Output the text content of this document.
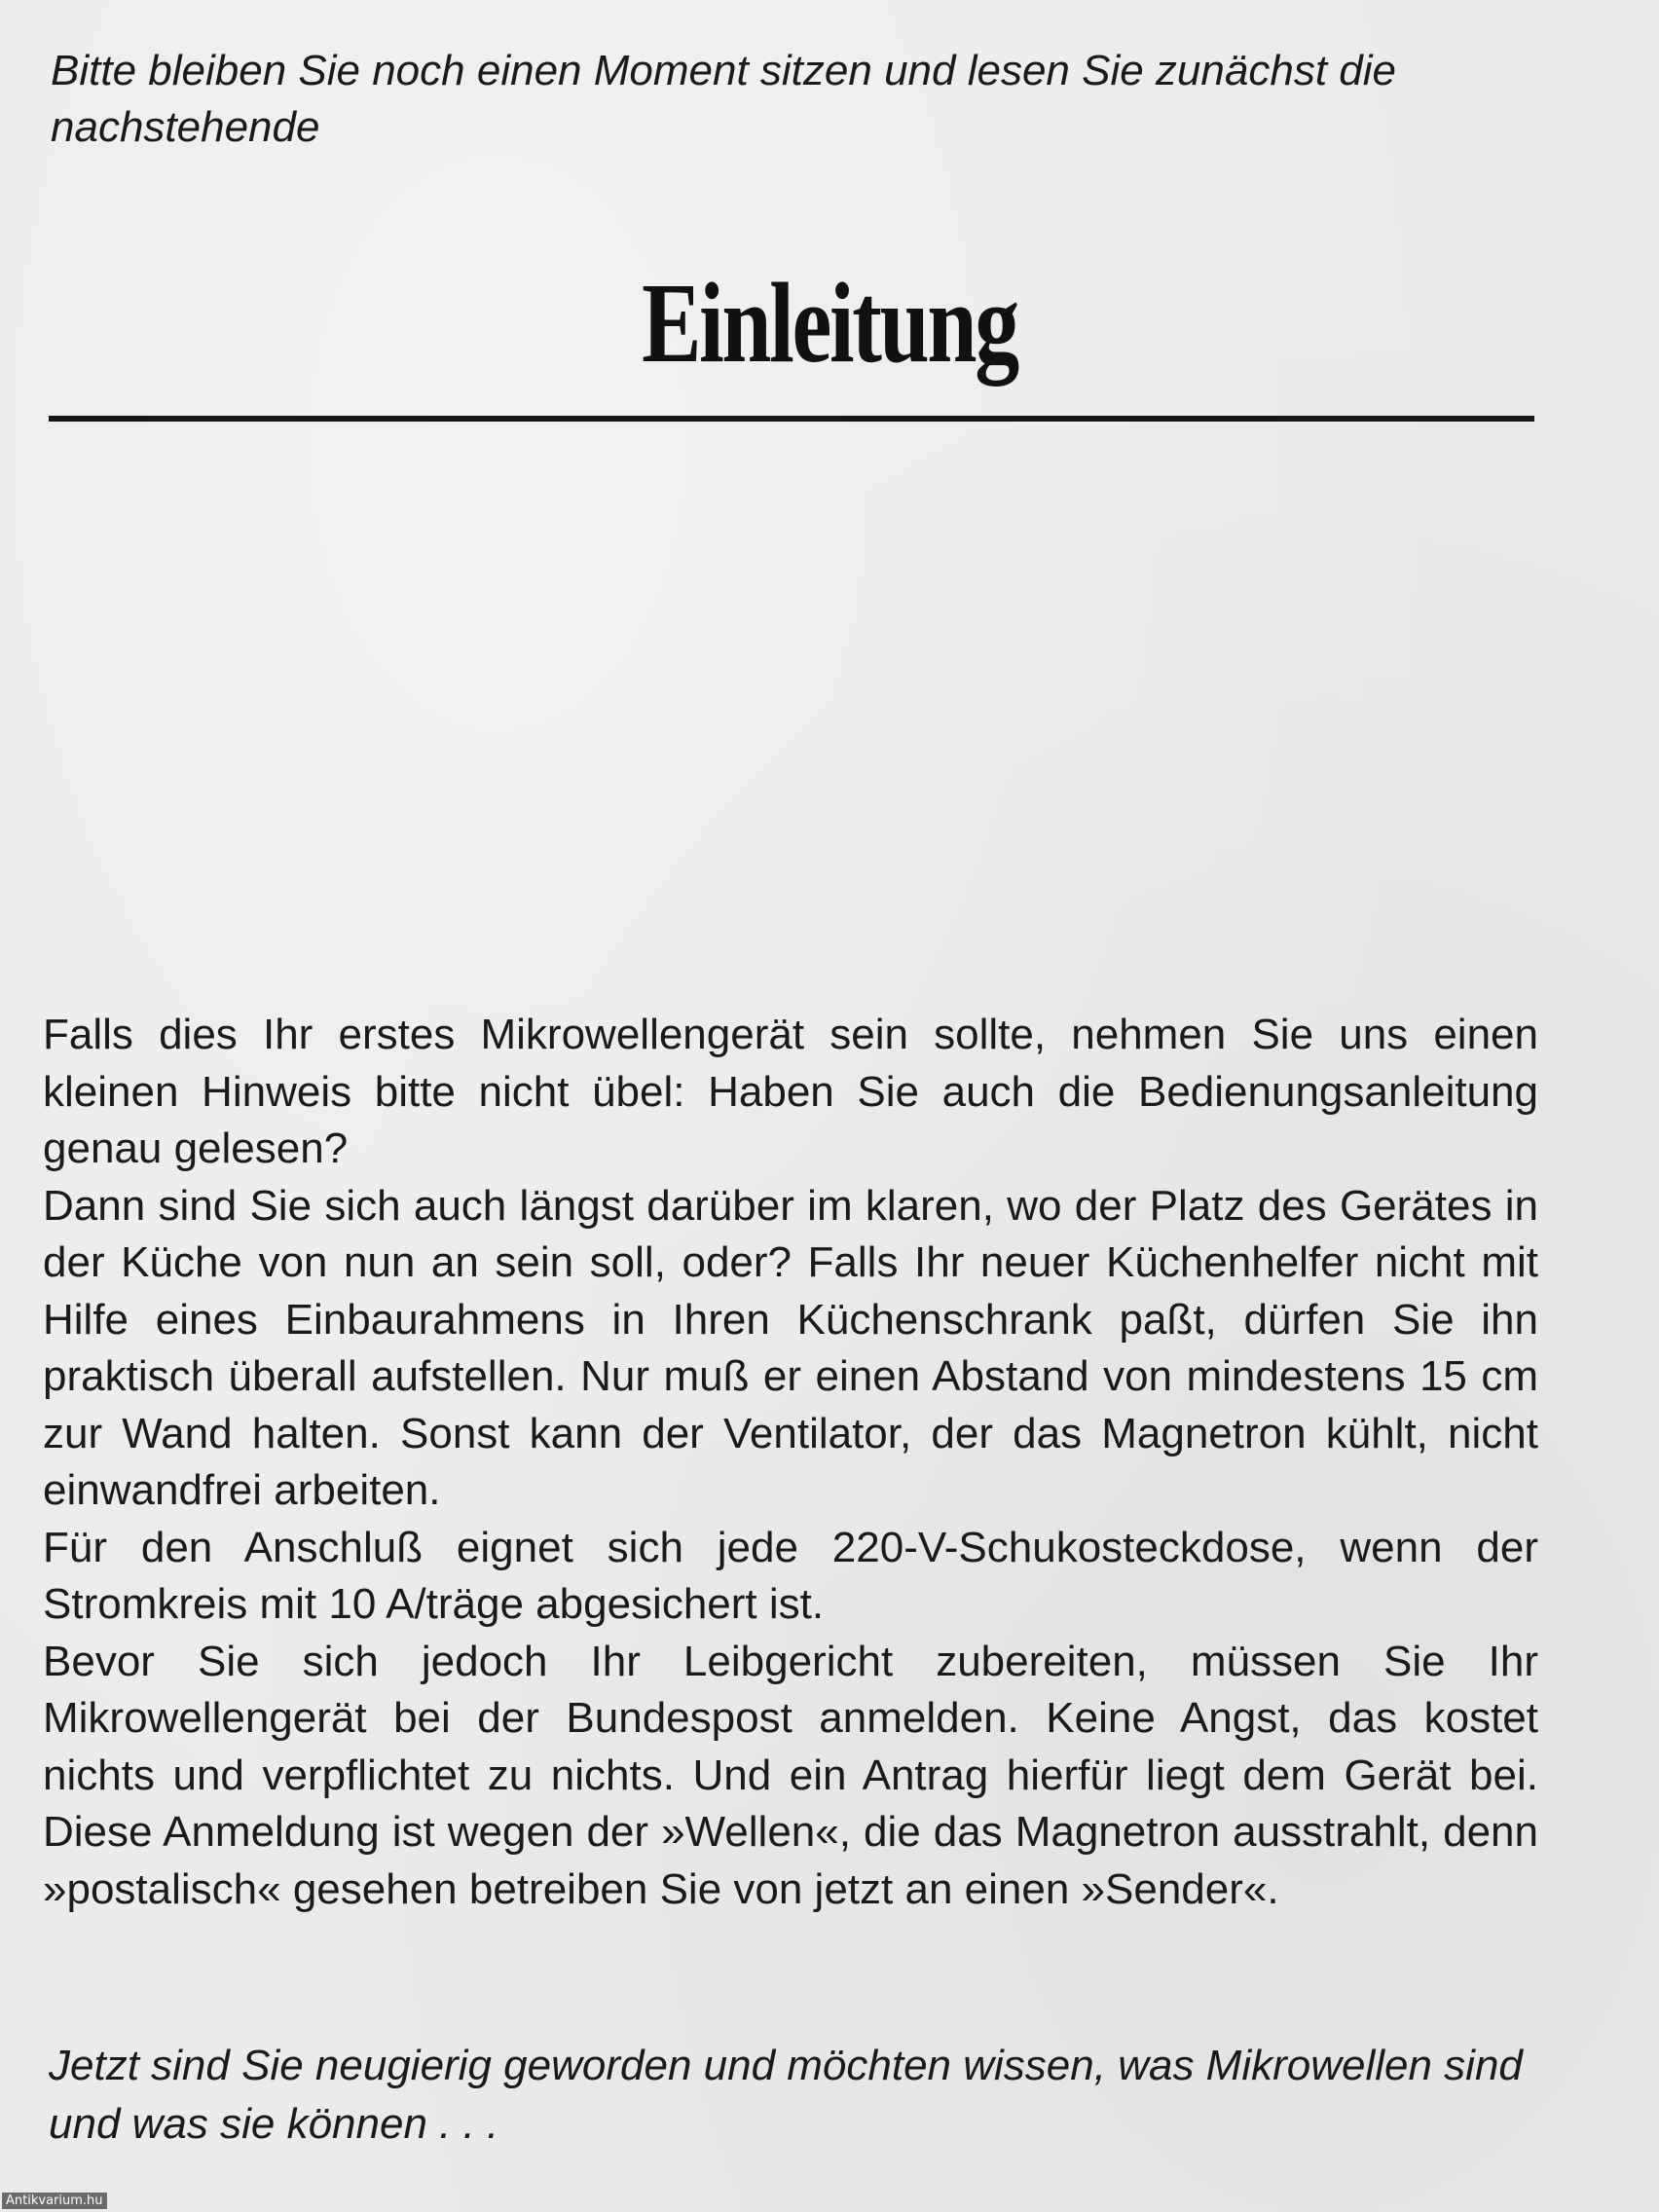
Bitte bleiben Sie noch einen Moment sitzen und lesen Sie zunächst die nachstehende

Einleitung

Falls dies Ihr erstes Mikrowellengerät sein sollte, nehmen Sie uns einen kleinen Hinweis bitte nicht übel: Haben Sie auch die Bedienungsanleitung genau gelesen?

Dann sind Sie sich auch längst darüber im klaren, wo der Platz des Gerätes in der Küche von nun an sein soll, oder? Falls Ihr neuer Küchenhelfer nicht mit Hilfe eines Einbaurahmens in Ihren Küchenschrank paßt, dürfen Sie ihn praktisch überall aufstellen. Nur muß er einen Abstand von mindestens 15 cm zur Wand halten. Sonst kann der Ventilator, der das Magnetron kühlt, nicht einwandfrei arbeiten.

Für den Anschluß eignet sich jede 220-V-Schukosteckdose, wenn der Stromkreis mit 10 A/träge abgesichert ist.

Bevor Sie sich jedoch Ihr Leibgericht zubereiten, müssen Sie Ihr Mikrowellengerät bei der Bundespost anmelden. Keine Angst, das kostet nichts und verpflichtet zu nichts. Und ein Antrag hierfür liegt dem Gerät bei. Diese Anmeldung ist wegen der »Wellen«, die das Magnetron ausstrahlt, denn »postalisch« gesehen betreiben Sie von jetzt an einen »Sender«.

Jetzt sind Sie neugierig geworden und möchten wissen, was Mikrowellen sind und was sie können . . .

Antikvarium.hu
